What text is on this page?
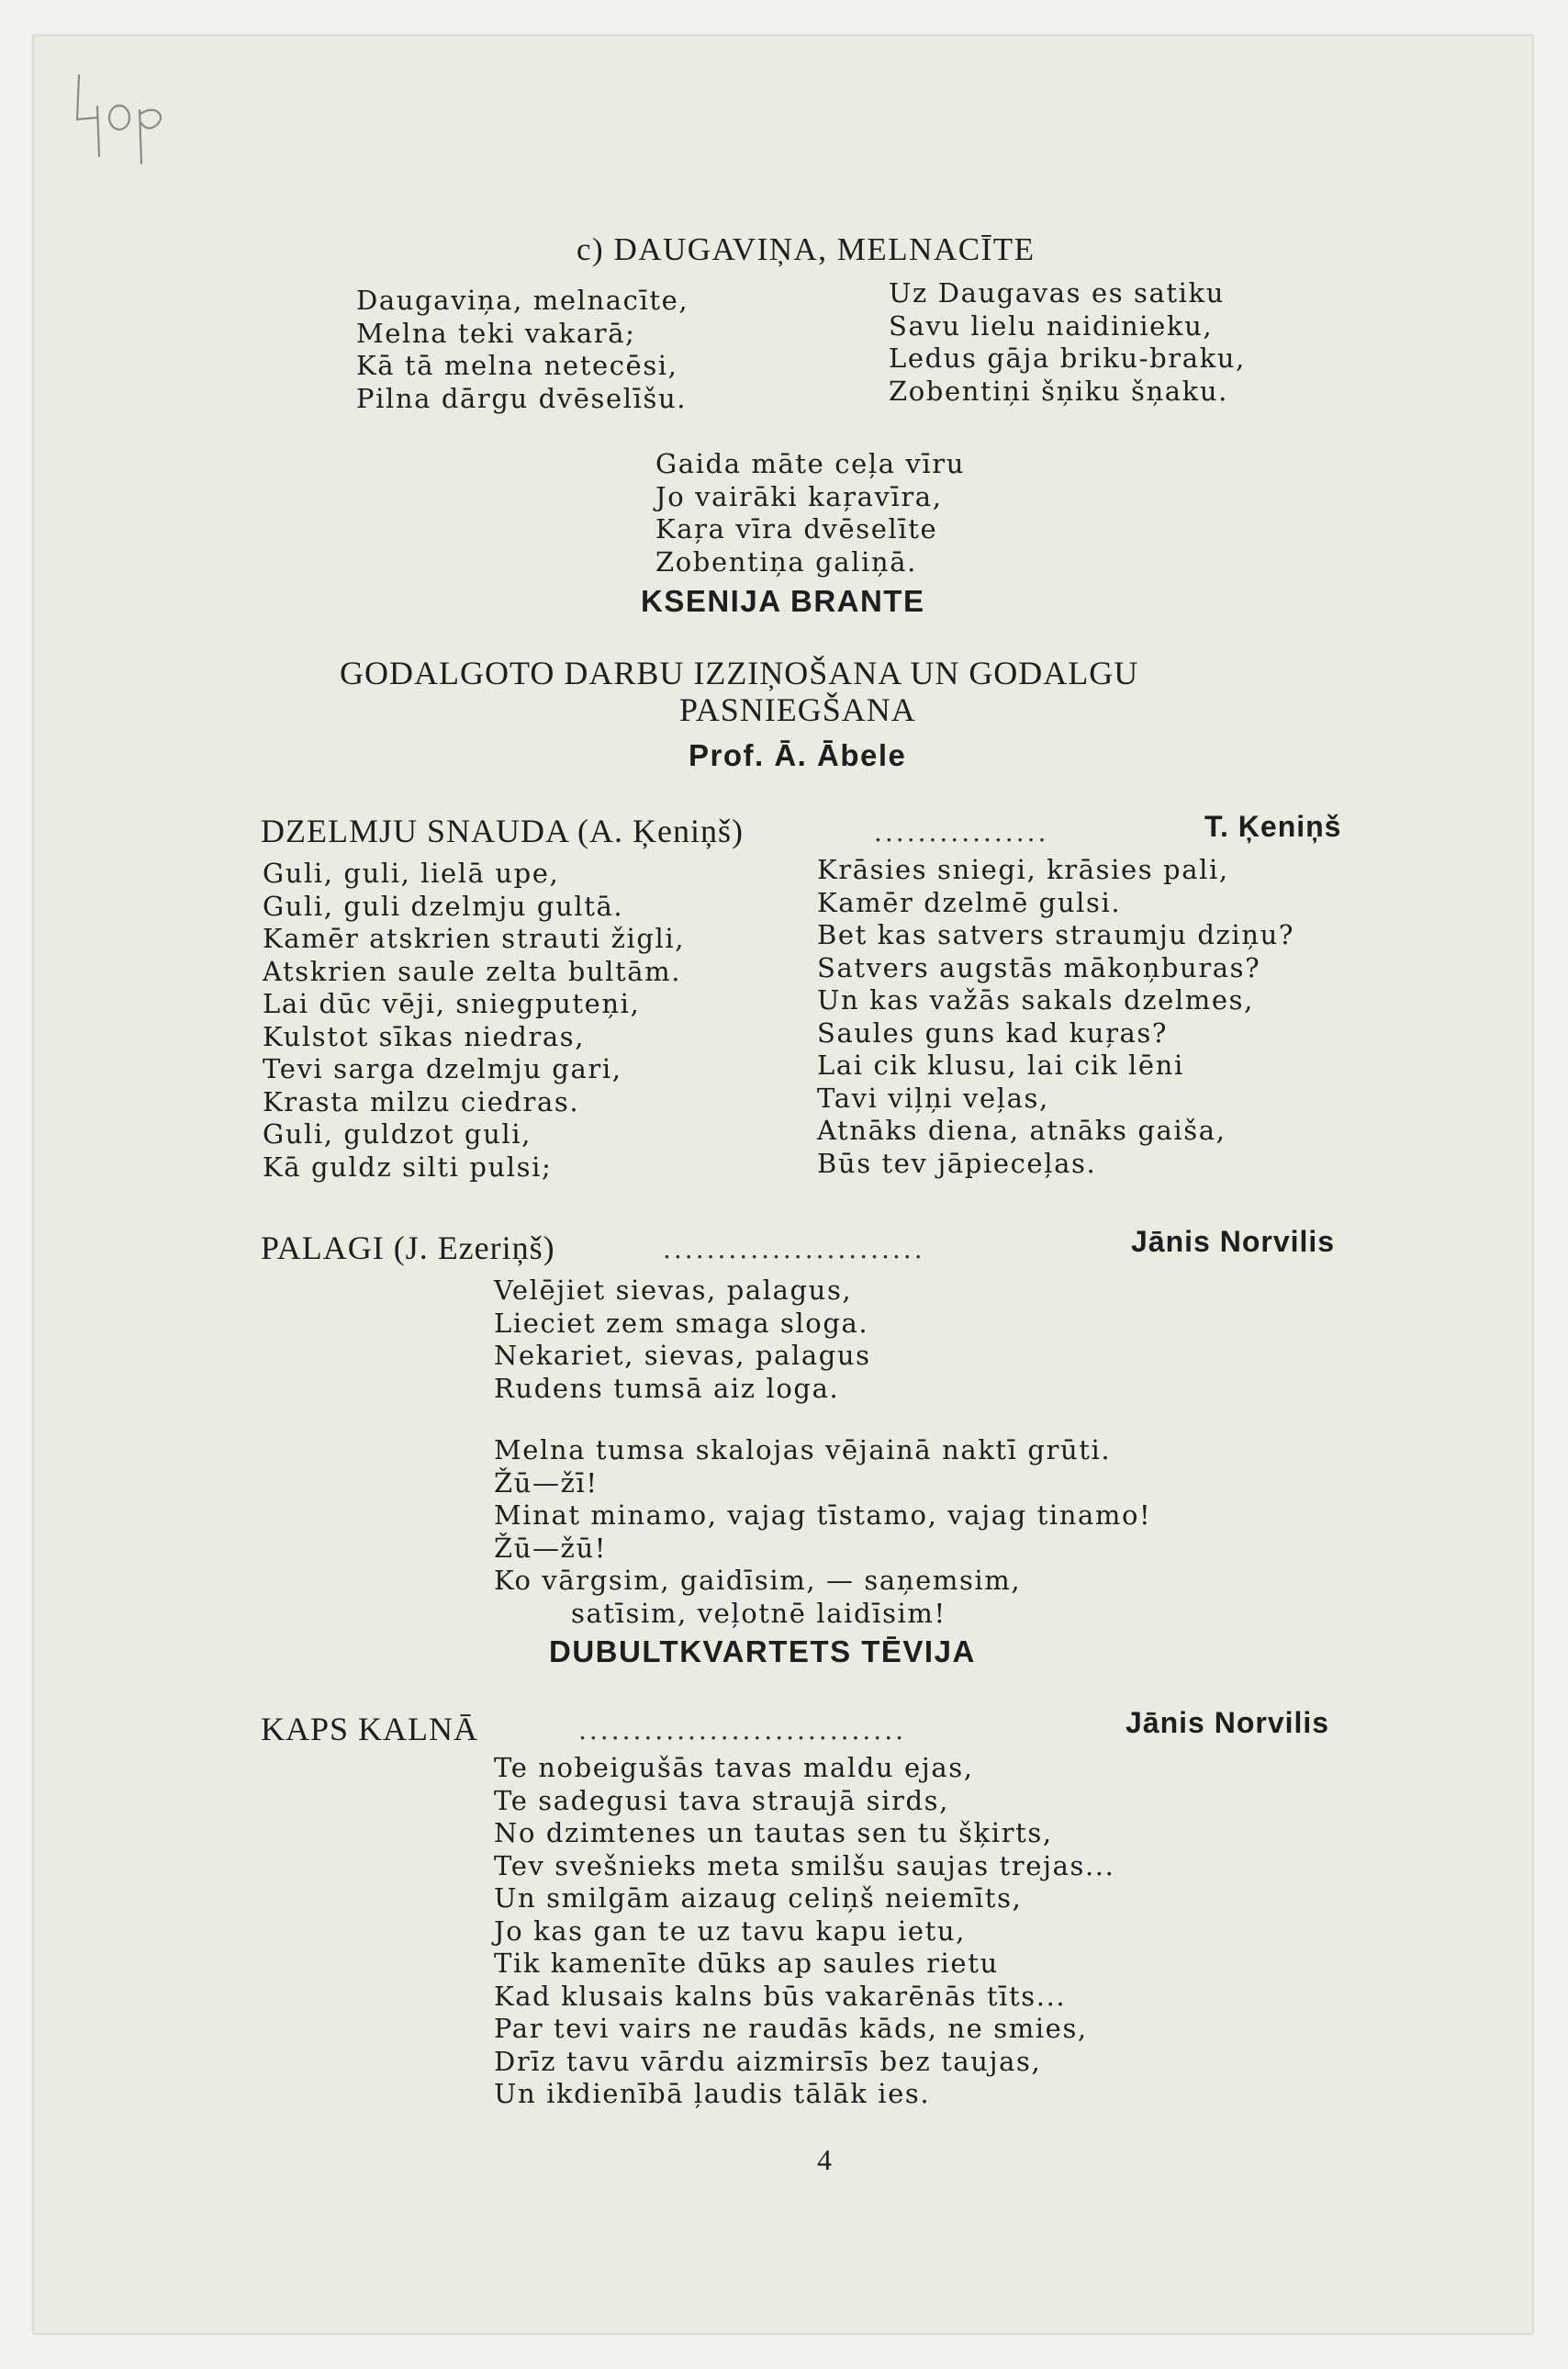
c) DAUGAVIŅA, MELNACĪTE
Daugaviņa, melnacīte,
Melna teki vakarā;
Kā tā melna netecēsi,
Pilna dārgu dvēselīšu.
Uz Daugavas es satiku
Savu lielu naidinieku,
Ledus gāja briku-braku,
Zobentiņi šņiku šņaku.
Gaida māte ceļa vīru
Jo vairāki kaŗavīra,
Kaŗa vīra dvēselīte
Zobentiņa galiņā.
KSENIJA BRANTE
GODALGOTO DARBU IZZIŅOŠANA UN GODALGU
PASNIEGŠANA
Prof. Ā. Ābele
DZELMJU SNAUDA (A. Ķeniņš)	................	T. Ķeniņš
Guli, guli, lielā upe,
Guli, guli dzelmju gultā.
Kamēr atskrien strauti žigli,
Atskrien saule zelta bultām.
Lai dūc vēji, sniegputeņi,
Kulstot sīkas niedras,
Tevi sarga dzelmju gari,
Krasta milzu ciedras.
Guli, guldzot guli,
Kā guldz silti pulsi;
Krāsies sniegi, krāsies pali,
Kamēr dzelmē gulsi.
Bet kas satvers straumju dziņu?
Satvers augstās mākoņburas?
Un kas važās sakals dzelmes,
Saules guns kad kuŗas?
Lai cik klusu, lai cik lēni
Tavi viļņi veļas,
Atnāks diena, atnāks gaiša,
Būs tev jāpieceļas.
PALAGI (J. Ezeriņš)	........................	Jānis Norvilis
Velējiet sievas, palagus,
Lieciet zem smaga sloga.
Nekariet, sievas, palagus
Rudens tumsā aiz loga.
Melna tumsa skalojas vējainā naktī grūti.
Žū—žī!
Minat minamo, vajag tīstamo, vajag tinamo!
Žū—žū!
Ko vārgsim, gaidīsim, — saņemsim,
satīsim, veļotnē laidīsim!
DUBULTKVARTETS TĒVIJA
KAPS KALNĀ	..............................	Jānis Norvilis
Te nobeigušās tavas maldu ejas,
Te sadegusi tava straujā sirds,
No dzimtenes un tautas sen tu šķirts,
Tev svešnieks meta smilšu saujas trejas...
Un smilgām aizaug celiņš neiemīts,
Jo kas gan te uz tavu kapu ietu,
Tik kamenīte dūks ap saules rietu
Kad klusais kalns būs vakarēnās tīts...
Par tevi vairs ne raudās kāds, ne smies,
Drīz tavu vārdu aizmirsīs bez taujas,
Un ikdienībā ļaudis tālāk ies.
4
